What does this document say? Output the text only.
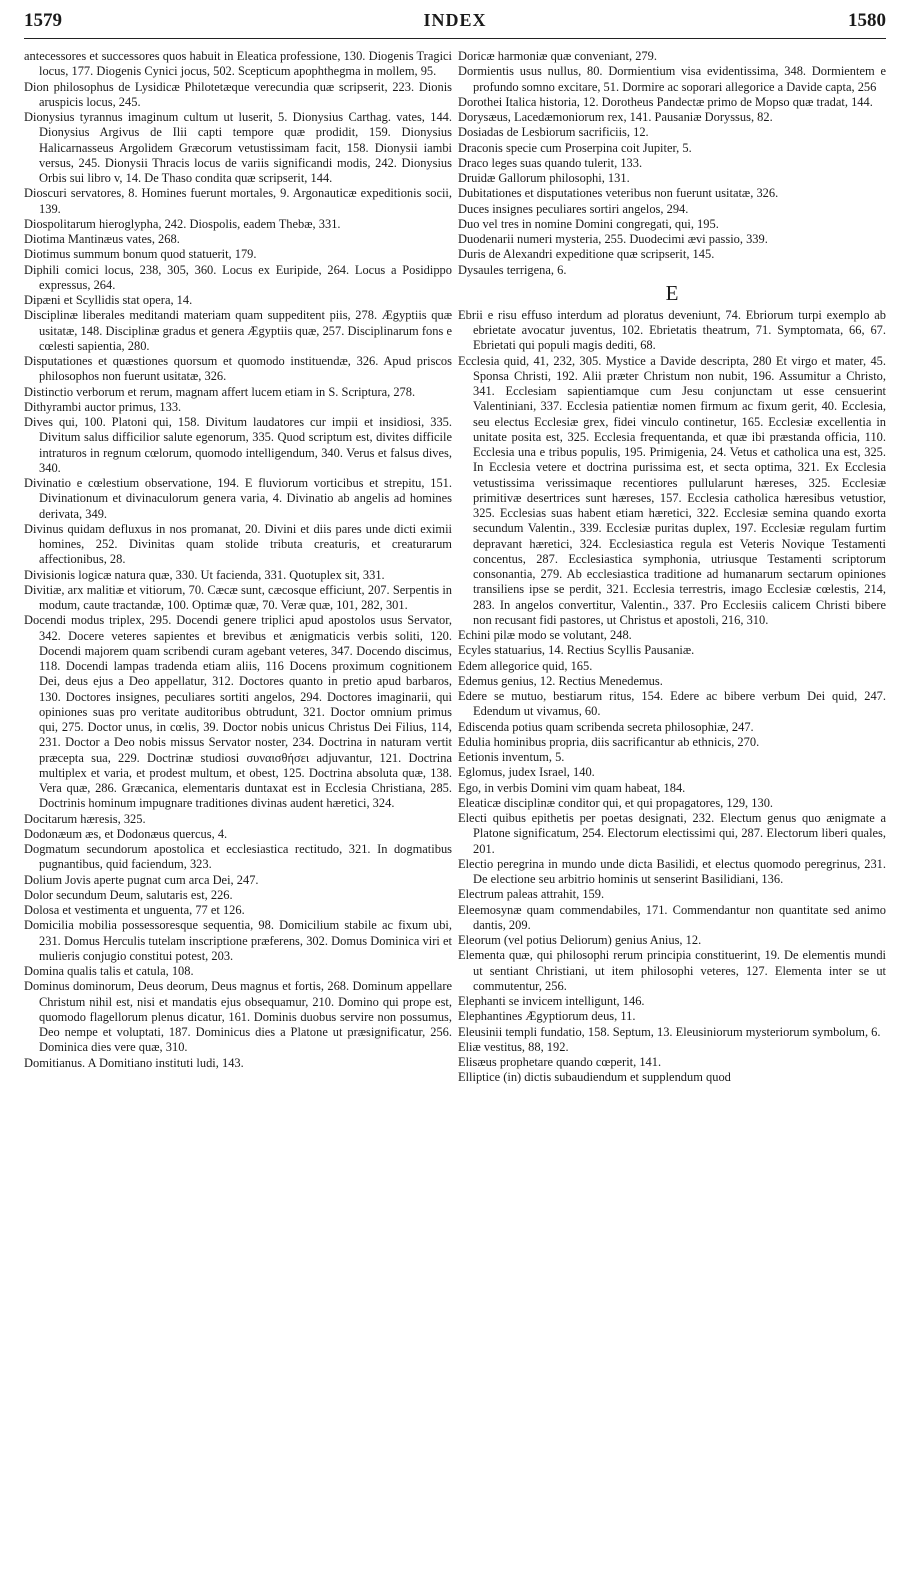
1579	INDEX	1580

antecessores et successores quos habuit in Eleatica professione, 130. Diogenis Tragici locus, 177. Diogenis Cynici jocus, 502. Scepticum apophthegma in mollem, 95.

Dion philosophus de Lysidicæ Philotetæque verecundia quæ scripserit, 223. Dionis aruspicis locus, 245.

Dionysius tyrannus imaginum cultum ut luserit, 5. Dionysius Carthag. vates, 144. Dionysius Argivus de Ilii capti tempore quæ prodidit, 159. Dionysius Halicarnasseus Argolidem Græcorum vetustissimam facit, 158. Dionysii iambi versus, 245. Dionysii Thracis locus de variis significandi modis, 242. Dionysius Orbis sui libro v, 14. De Thaso condita quæ scripserit, 144.

Dioscuri servatores, 8. Homines fuerunt mortales, 9. Argonauticæ expeditionis socii, 139.

Diospolitarum hieroglypha, 242. Diospolis, eadem Thebæ, 331.

Diotima Mantinæus vates, 268.

Diotimus summum bonum quod statuerit, 179.

Diphili comici locus, 238, 305, 360. Locus ex Euripide, 264. Locus a Posidippo expressus, 264.

Dipæni et Scyllidis stat opera, 14.

Disciplinæ liberales meditandi materiam quam suppeditent piis, 278. Ægyptiis quæ usitatæ, 148. Disciplinæ gradus et genera Ægyptiis quæ, 257. Disciplinarum fons e cœlesti sapientia, 280.

Disputationes et quæstiones quorsum et quomodo instituendæ, 326. Apud priscos philosophos non fuerunt usitatæ, 326.

Distinctio verborum et rerum, magnam affert lucem etiam in S. Scriptura, 278.

Dithyrambi auctor primus, 133.

Dives qui, 100. Platoni qui, 158. Divitum laudatores cur impii et insidiosi, 335. Divitum salus difficilior salute egenorum, 335. Quod scriptum est, divites difficile intraturos in regnum cœlorum, quomodo intelligendum, 340. Verus et falsus dives, 340.

Divinatio e cœlestium observatione, 194. E fluviorum vorticibus et strepitu, 151. Divinationum et divinaculorum genera varia, 4. Divinatio ab angelis ad homines derivata, 349.

Divinus quidam defluxus in nos promanat, 20. Divini et diis pares unde dicti eximii homines, 252. Divinitas quam stolide tributa creaturis, et creaturarum affectionibus, 28.

Divisionis logicæ natura quæ, 330. Ut facienda, 331. Quotuplex sit, 331.

Divitiæ, arx malitiæ et vitiorum, 70. Cæcæ sunt, cæcosque efficiunt, 207. Serpentis in modum, caute tractandæ, 100. Optimæ quæ, 70. Veræ quæ, 101, 282, 301.

Docendi modus triplex, 295. Docendi genere triplici apud apostolos usus Servator, 342. Docere veteres sapientes et brevibus et ænigmaticis verbis soliti, 120. Docendi majorem quam scribendi curam agebant veteres, 347. Docendo discimus, 118. Docendi lampas tradenda etiam aliis, 116 Docens proximum cognitionem Dei, deus ejus a Deo appellatur, 312. Doctores quanto in pretio apud barbaros, 130. Doctores insignes, peculiares sortiti angelos, 294. Doctores imaginarii, qui opiniones suas pro veritate auditoribus obtrudunt, 321. Doctor omnium primus qui, 275. Doctor unus, in cœlis, 39. Doctor nobis unicus Christus Dei Filius, 114, 231. Doctor a Deo nobis missus Servator noster, 234. Doctrina in naturam vertit præcepta sua, 229. Doctrinæ studiosi συναισθήσει adjuvantur, 121. Doctrina multiplex et varia, et prodest multum, et obest, 125. Doctrina absoluta quæ, 138. Vera quæ, 286. Græcanica, elementaris duntaxat est in Ecclesia Christiana, 285. Doctrinis hominum impugnare traditiones divinas audent hæretici, 324.

Docitarum hæresis, 325.

Dodonæum æs, et Dodonæus quercus, 4.

Dogmatum secundorum apostolica et ecclesiastica rectitudo, 321. In dogmatibus pugnantibus, quid faciendum, 323.

Dolium Jovis aperte pugnat cum arca Dei, 247.

Dolor secundum Deum, salutaris est, 226.

Dolosa et vestimenta et unguenta, 77 et 126.

Domicilia mobilia possessoresque sequentia, 98. Domicilium stabile ac fixum ubi, 231. Domus Herculis tutelam inscriptione præferens, 302. Domus Dominica viri et mulieris conjugio constitui potest, 203.

Domina qualis talis et catula, 108.

Dominus dominorum, Deus deorum, Deus magnus et fortis, 268. Dominum appellare Christum nihil est, nisi et mandatis ejus obsequamur, 210. Domino qui prope est, quomodo flagellorum plenus dicatur, 161. Dominis duobus servire non possumus, Deo nempe et voluptati, 187. Dominicus dies a Platone ut præsignificatur, 256. Dominica dies vere quæ, 310.

Domitianus. A Domitiano instituti ludi, 143.

Doricæ harmoniæ quæ conveniant, 279.

Dormientis usus nullus, 80. Dormientium visa evidentissima, 348. Dormientem e profundo somno excitare, 51. Dormire ac soporari allegorice a Davide capta, 256

Dorothei Italica historia, 12. Dorotheus Pandectæ primo de Mopso quæ tradat, 144.

Dorysæus, Lacedæmoniorum rex, 141. Pausaniæ Doryssus, 82.

Dosiadas de Lesbiorum sacrificiis, 12.

Draconis specie cum Proserpina coit Jupiter, 5.

Draco leges suas quando tulerit, 133.

Druidæ Gallorum philosophi, 131.

Dubitationes et disputationes veteribus non fuerunt usitatæ, 326.

Duces insignes peculiares sortiri angelos, 294.

Duo vel tres in nomine Domini congregati, qui, 195.

Duodenarii numeri mysteria, 255. Duodecimi ævi passio, 339.

Duris de Alexandri expeditione quæ scripserit, 145.

Dysaules terrigena, 6.

E

Ebrii e risu effuso interdum ad ploratus deveniunt, 74. Ebriorum turpi exemplo ab ebrietate avocatur juventus, 102. Ebrietatis theatrum, 71. Symptomata, 66, 67. Ebrietati qui populi magis dediti, 68.

Ecclesia quid, 41, 232, 305. Mystice a Davide descripta, 280 Et virgo et mater, 45. Sponsa Christi, 192. Alii præter Christum non nubit, 196. Assumitur a Christo, 341. Ecclesiam sapientiamque cum Jesu conjunctam ut esse censuerint Valentiniani, 337. Ecclesia patientiæ nomen firmum ac fixum gerit, 40. Ecclesia, seu electus Ecclesiæ grex, fidei vinculo continetur, 165. Ecclesiæ excellentia in unitate posita est, 325. Ecclesia frequentanda, et quæ ibi præstanda officia, 110. Ecclesia una e tribus populis, 195. Primigenia, 24. Vetus et catholica una est, 325. In Ecclesia vetere et doctrina purissima est, et secta optima, 321. Ex Ecclesia vetustissima verissimaque recentiores pullularunt hæreses, 325. Ecclesiæ primitivæ desertrices sunt hæreses, 157. Ecclesia catholica hæresibus vetustior, 325. Ecclesias suas habent etiam hæretici, 322. Ecclesiæ semina quando exorta secundum Valentin., 339. Ecclesiæ puritas duplex, 197. Ecclesiæ regulam furtim depravant hæretici, 324. Ecclesiastica regula est Veteris Novique Testamenti concentus, 287. Ecclesiastica symphonia, utriusque Testamenti scriptorum consonantia, 279. Ab ecclesiastica traditione ad humanarum sectarum opiniones transiliens ipse se perdit, 321. Ecclesia terrestris, imago Ecclesiæ cœlestis, 214, 283. In angelos convertitur, Valentin., 337. Pro Ecclesiis calicem Christi bibere non recusant fidi pastores, ut Christus et apostoli, 216, 310.

Echini pilæ modo se volutant, 248.

Ecyles statuarius, 14. Rectius Scyllis Pausaniæ.

Edem allegorice quid, 165.

Edemus genius, 12. Rectius Menedemus.

Edere se mutuo, bestiarum ritus, 154. Edere ac bibere verbum Dei quid, 247. Edendum ut vivamus, 60.

Ediscenda potius quam scribenda secreta philosophiæ, 247.

Edulia hominibus propria, diis sacrificantur ab ethnicis, 270.

Eetionis inventum, 5.

Eglomus, judex Israel, 140.

Ego, in verbis Domini vim quam habeat, 184.

Eleaticæ disciplinæ conditor qui, et qui propagatores, 129, 130.

Electi quibus epithetis per poetas designati, 232. Electum genus quo ænigmate a Platone significatum, 254. Electorum electissimi qui, 287. Electorum liberi quales, 201.

Electio peregrina in mundo unde dicta Basilidi, et electus quomodo peregrinus, 231. De electione seu arbitrio hominis ut senserint Basilidiani, 136.

Electrum paleas attrahit, 159.

Eleemosynæ quam commendabiles, 171. Commendantur non quantitate sed animo dantis, 209.

Eleorum (vel potius Deliorum) genius Anius, 12.

Elementa quæ, qui philosophi rerum principia constituerint, 19. De elementis mundi ut sentiant Christiani, ut item philosophi veteres, 127. Elementa inter se ut commutentur, 256.

Elephanti se invicem intelligunt, 146.

Elephantines Ægyptiorum deus, 11.

Eleusinii templi fundatio, 158. Septum, 13. Eleusiniorum mysteriorum symbolum, 6.

Eliæ vestitus, 88, 192.

Elisæus prophetare quando cœperit, 141.

Elliptice (in) dictis subaudiendum et supplendum quod
